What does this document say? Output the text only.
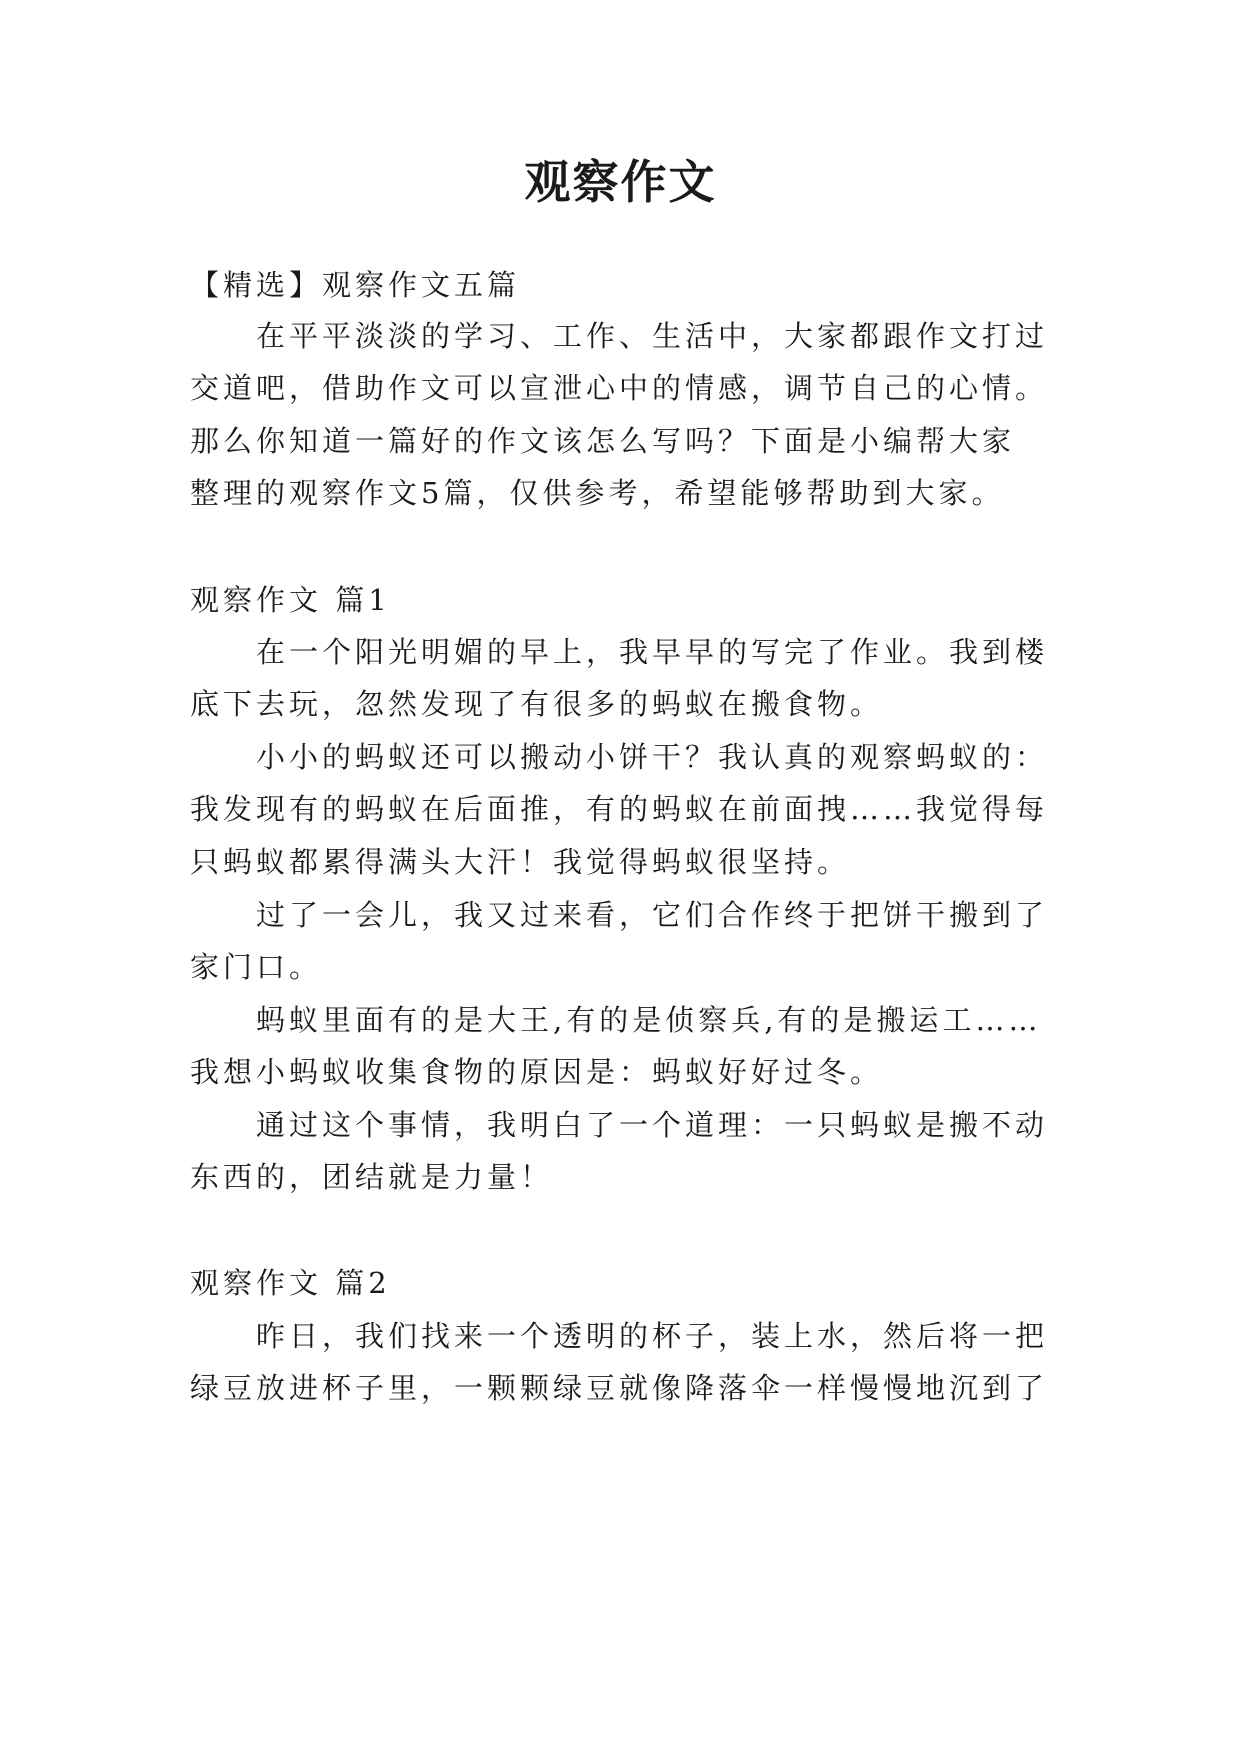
观察作文
【精选】观察作文五篇
在平平淡淡的学习、工作、生活中，大家都跟作文打过
交道吧，借助作文可以宣泄心中的情感，调节自己的心情。
那么你知道一篇好的作文该怎么写吗？下面是小编帮大家
整理的观察作文5篇，仅供参考，希望能够帮助到大家。
观察作文 篇1
在一个阳光明媚的早上，我早早的写完了作业。我到楼
底下去玩，忽然发现了有很多的蚂蚁在搬食物。
小小的蚂蚁还可以搬动小饼干？我认真的观察蚂蚁的：
我发现有的蚂蚁在后面推，有的蚂蚁在前面拽……我觉得每
只蚂蚁都累得满头大汗！我觉得蚂蚁很坚持。
过了一会儿，我又过来看，它们合作终于把饼干搬到了
家门口。
蚂蚁里面有的是大王,有的是侦察兵,有的是搬运工……
我想小蚂蚁收集食物的原因是：蚂蚁好好过冬。
通过这个事情，我明白了一个道理：一只蚂蚁是搬不动
东西的，团结就是力量！
观察作文 篇2
昨日，我们找来一个透明的杯子，装上水，然后将一把
绿豆放进杯子里，一颗颗绿豆就像降落伞一样慢慢地沉到了
